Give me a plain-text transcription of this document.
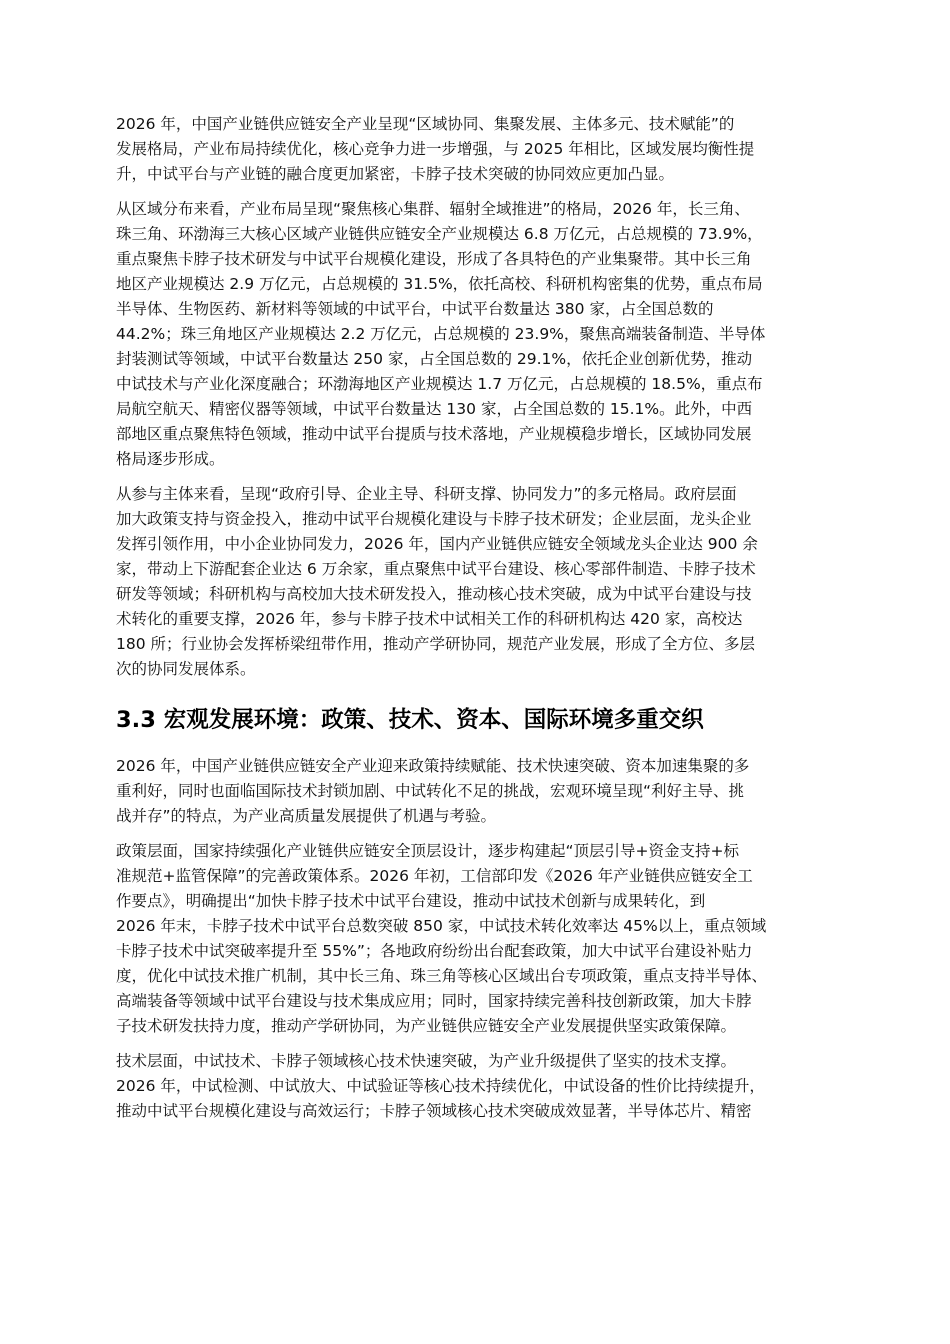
2026 年，中国产业链供应链安全产业呈现“区域协同、集聚发展、主体多元、技术赋能”的
发展格局，产业布局持续优化，核心竞争力进一步增强，与 2025 年相比，区域发展均衡性提
升，中试平台与产业链的融合度更加紧密，卡脖子技术突破的协同效应更加凸显。

从区域分布来看，产业布局呈现“聚焦核心集群、辐射全域推进”的格局，2026 年，长三角、
珠三角、环渤海三大核心区域产业链供应链安全产业规模达 6.8 万亿元，占总规模的 73.9%，
重点聚焦卡脖子技术研发与中试平台规模化建设，形成了各具特色的产业集聚带。其中长三角
地区产业规模达 2.9 万亿元，占总规模的 31.5%，依托高校、科研机构密集的优势，重点布局
半导体、生物医药、新材料等领域的中试平台，中试平台数量达 380 家，占全国总数的
44.2%；珠三角地区产业规模达 2.2 万亿元，占总规模的 23.9%，聚焦高端装备制造、半导体
封装测试等领域，中试平台数量达 250 家，占全国总数的 29.1%，依托企业创新优势，推动
中试技术与产业化深度融合；环渤海地区产业规模达 1.7 万亿元，占总规模的 18.5%，重点布
局航空航天、精密仪器等领域，中试平台数量达 130 家，占全国总数的 15.1%。此外，中西
部地区重点聚焦特色领域，推动中试平台提质与技术落地，产业规模稳步增长，区域协同发展
格局逐步形成。

从参与主体来看，呈现“政府引导、企业主导、科研支撑、协同发力”的多元格局。政府层面
加大政策支持与资金投入，推动中试平台规模化建设与卡脖子技术研发；企业层面，龙头企业
发挥引领作用，中小企业协同发力，2026 年，国内产业链供应链安全领域龙头企业达 900 余
家，带动上下游配套企业达 6 万余家，重点聚焦中试平台建设、核心零部件制造、卡脖子技术
研发等领域；科研机构与高校加大技术研发投入，推动核心技术突破，成为中试平台建设与技
术转化的重要支撑，2026 年，参与卡脖子技术中试相关工作的科研机构达 420 家，高校达
180 所；行业协会发挥桥梁纽带作用，推动产学研协同，规范产业发展，形成了全方位、多层
次的协同发展体系。

3.3 宏观发展环境：政策、技术、资本、国际环境多重交织

2026 年，中国产业链供应链安全产业迎来政策持续赋能、技术快速突破、资本加速集聚的多
重利好，同时也面临国际技术封锁加剧、中试转化不足的挑战，宏观环境呈现“利好主导、挑
战并存”的特点，为产业高质量发展提供了机遇与考验。

政策层面，国家持续强化产业链供应链安全顶层设计，逐步构建起“顶层引导+资金支持+标
准规范+监管保障”的完善政策体系。2026 年初，工信部印发《2026 年产业链供应链安全工
作要点》，明确提出“加快卡脖子技术中试平台建设，推动中试技术创新与成果转化，到
2026 年末，卡脖子技术中试平台总数突破 850 家，中试技术转化效率达 45%以上，重点领域
卡脖子技术中试突破率提升至 55%”；各地政府纷纷出台配套政策，加大中试平台建设补贴力
度，优化中试技术推广机制，其中长三角、珠三角等核心区域出台专项政策，重点支持半导体、
高端装备等领域中试平台建设与技术集成应用；同时，国家持续完善科技创新政策，加大卡脖
子技术研发扶持力度，推动产学研协同，为产业链供应链安全产业发展提供坚实政策保障。

技术层面，中试技术、卡脖子领域核心技术快速突破，为产业升级提供了坚实的技术支撑。
2026 年，中试检测、中试放大、中试验证等核心技术持续优化，中试设备的性价比持续提升，
推动中试平台规模化建设与高效运行；卡脖子领域核心技术突破成效显著，半导体芯片、精密
